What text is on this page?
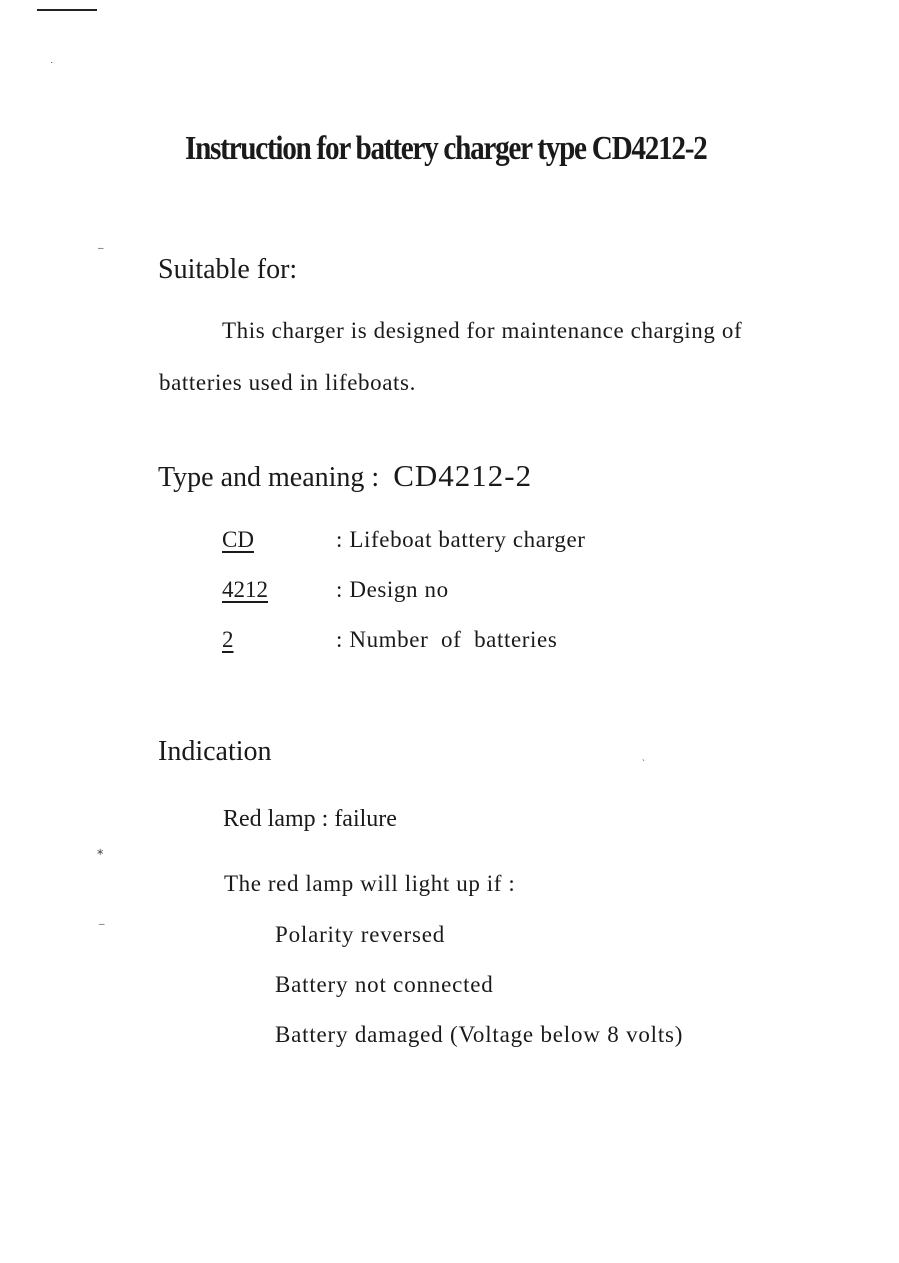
․
‒
∗
‒
ˎ
Instruction for battery charger type CD4212-2
Suitable for:
This charger is designed for maintenance charging of
batteries used in lifeboats.
Type and meaning : CD4212-2
CD	: Lifeboat battery charger
4212	: Design no
2	: Number  of  batteries
Indication
Red lamp : failure
The red lamp will light up if :
Polarity reversed
Battery not connected
Battery damaged (Voltage below 8 volts)
